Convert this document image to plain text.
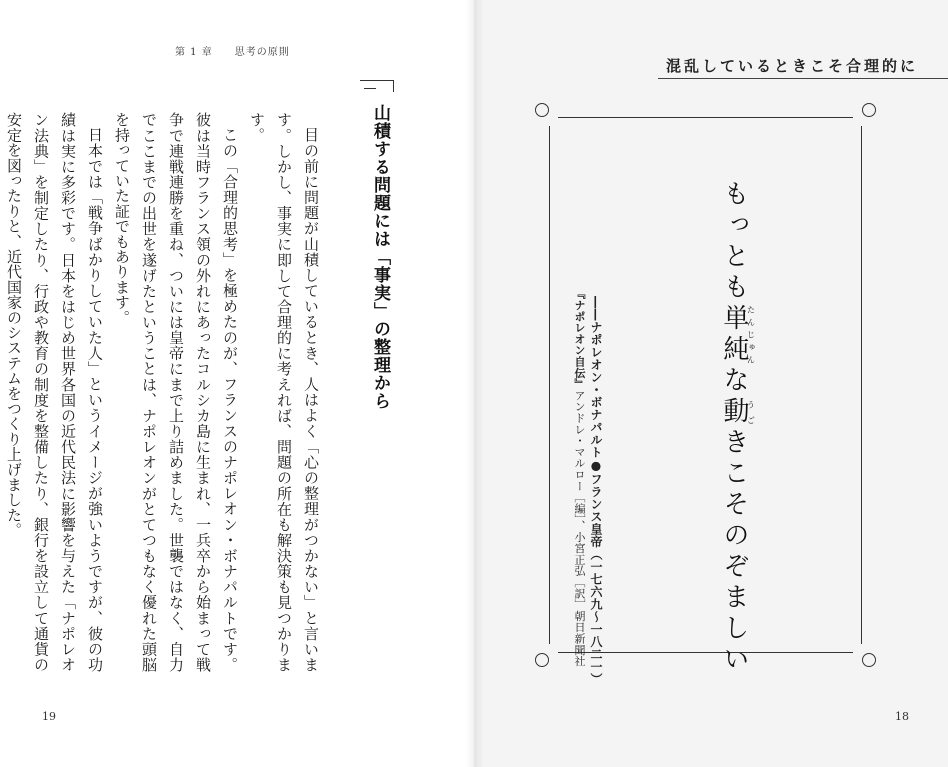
第 1 章 思考の原則
山積する問題には「事実」の整理から

目の前に問題が山積しているとき、人はよく「心の整理がつかない」と言います。しかし、事実に即して合理的に考えれば、問題の所在も解決策も見つかります。

この「合理的思考」を極めたのが、フランスのナポレオン・ボナパルトです。彼は当時フランス領の外れにあったコルシカ島に生まれ、一兵卒から始まって戦争で連戦連勝を重ね、ついには皇帝にまで上り詰めました。世襲ではなく、自力でここまでの出世を遂げたということは、ナポレオンがとてつもなく優れた頭脳を持っていた証でもあります。

日本では「戦争ばかりしていた人」というイメージが強いようですが、彼の功績は実に多彩です。日本をはじめ世界各国の近代民法に影響を与えた「ナポレオン法典」を制定したり、行政や教育の制度を整備したり、銀行を設立して通貨の安定を図ったりと、近代国家のシステムをつくり上げました。

19
混乱しているときこそ合理的に
もっとも単純たんじゅんな動うごきこそのぞましい
――ナポレオン・ボナパルト●フランス皇帝（一七六九～一八二一）
『ナポレオン自伝』アンドレ・マルロー［編］、小宮正弘［訳］朝日新聞社
18
